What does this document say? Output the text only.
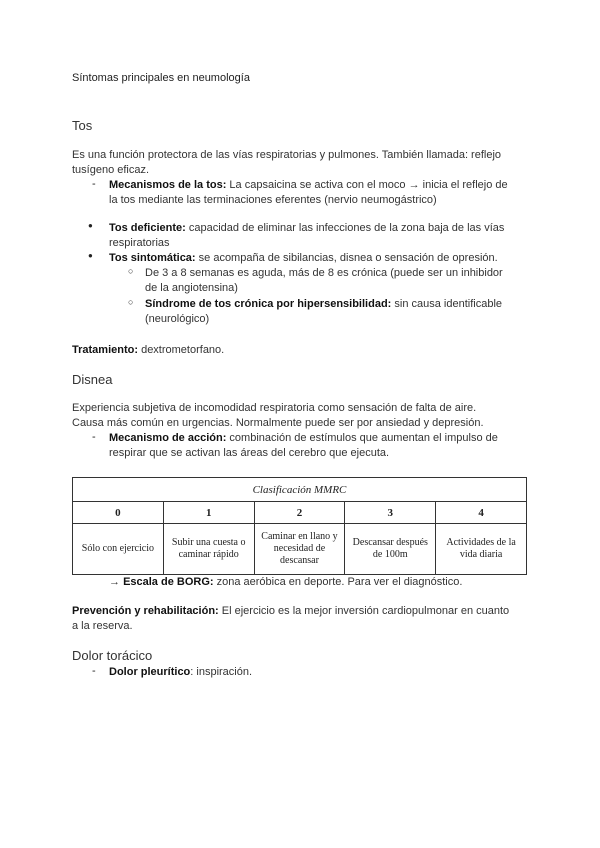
Síntomas principales en neumología
Tos
Es una función protectora de las vías respiratorias y pulmones. También llamada: reflejo
tusígeno eficaz.
- Mecanismos de la tos: La capsaicina se activa con el moco → inicia el reflejo de
la tos mediante las terminaciones eferentes (nervio neumogástrico)
● Tos deficiente: capacidad de eliminar las infecciones de la zona baja de las vías
respiratorias
● Tos sintomática: se acompaña de sibilancias, disnea o sensación de opresión.
○ De 3 a 8 semanas es aguda, más de 8 es crónica (puede ser un inhibidor
de la angiotensina)
○ Síndrome de tos crónica por hipersensibilidad: sin causa identificable
(neurológico)
Tratamiento: dextrometorfano.
Disnea
Experiencia subjetiva de incomodidad respiratoria como sensación de falta de aire.
Causa más común en urgencias. Normalmente puede ser por ansiedad y depresión.
- Mecanismo de acción: combinación de estímulos que aumentan el impulso de
respirar que se activan las áreas del cerebro que ejecuta.
Clasificación MMRC				
0	1	2	3	4
Sólo con ejercicio	Subir una cuesta o caminar rápido	Caminar en llano y necesidad de descansar	Descansar después de 100m	Actividades de la vida diaria
→ Escala de BORG: zona aeróbica en deporte. Para ver el diagnóstico.
Prevención y rehabilitación: El ejercicio es la mejor inversión cardiopulmonar en cuanto
a la reserva.
Dolor torácico
- Dolor pleurítico: inspiración.
